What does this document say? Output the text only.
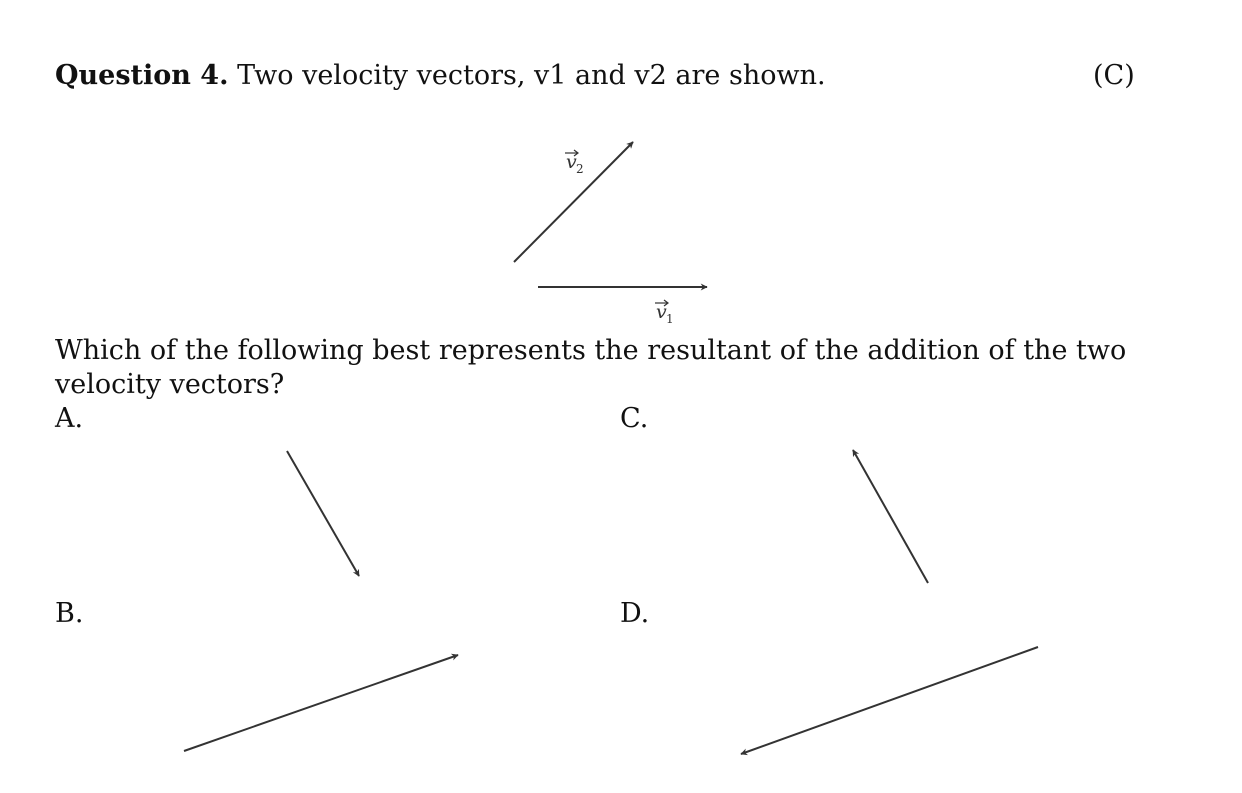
Question 4. Two velocity vectors, v1 and v2 are shown.	(C)
v 2
v 1
Which of the following best represents the resultant of the addition of the two velocity vectors?
A.	C.
B.	D.
